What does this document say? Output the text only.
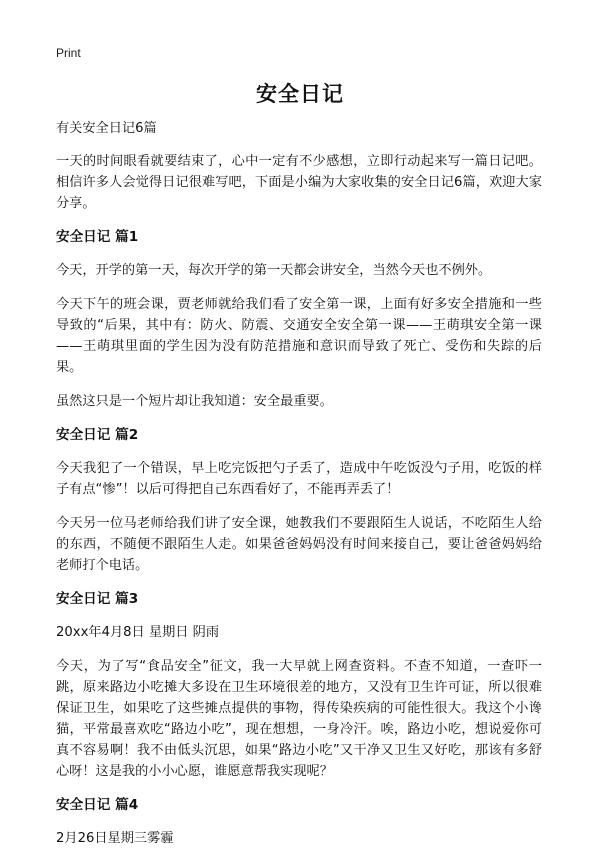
Print
安全日记

有关安全日记6篇

一天的时间眼看就要结束了，心中一定有不少感想，立即行动起来写一篇日记吧。相信许多人会觉得日记很难写吧，下面是小编为大家收集的安全日记6篇，欢迎大家分享。

安全日记 篇1

今天，开学的第一天，每次开学的第一天都会讲安全，当然今天也不例外。

今天下午的班会课，贾老师就给我们看了安全第一课，上面有好多安全措施和一些导致的“后果，其中有：防火、防震、交通安全安全第一课——王萌琪安全第一课——王萌琪里面的学生因为没有防范措施和意识而导致了死亡、受伤和失踪的后果。

虽然这只是一个短片却让我知道：安全最重要。

安全日记 篇2

今天我犯了一个错误，早上吃完饭把勺子丢了，造成中午吃饭没勺子用，吃饭的样子有点“惨”！以后可得把自己东西看好了，不能再弄丢了！

今天另一位马老师给我们讲了安全课，她教我们不要跟陌生人说话，不吃陌生人给的东西，不随便不跟陌生人走。如果爸爸妈妈没有时间来接自己，要让爸爸妈妈给老师打个电话。

安全日记 篇3

20xx年4月8日 星期日 阴雨

今天，为了写“食品安全”征文，我一大早就上网查资料。不查不知道，一查吓一跳，原来路边小吃摊大多设在卫生环境很差的地方，又没有卫生许可证，所以很难保证卫生，如果吃了这些摊点提供的事物，得传染疾病的可能性很大。我这个小谗猫，平常最喜欢吃“路边小吃”，现在想想，一身冷汗。唉，路边小吃，想说爱你可真不容易啊！我不由低头沉思，如果“路边小吃”又干净又卫生又好吃，那该有多舒心呀！这是我的小小心愿，谁愿意帮我实现呢？

安全日记 篇4

2月26日星期三雾霾
